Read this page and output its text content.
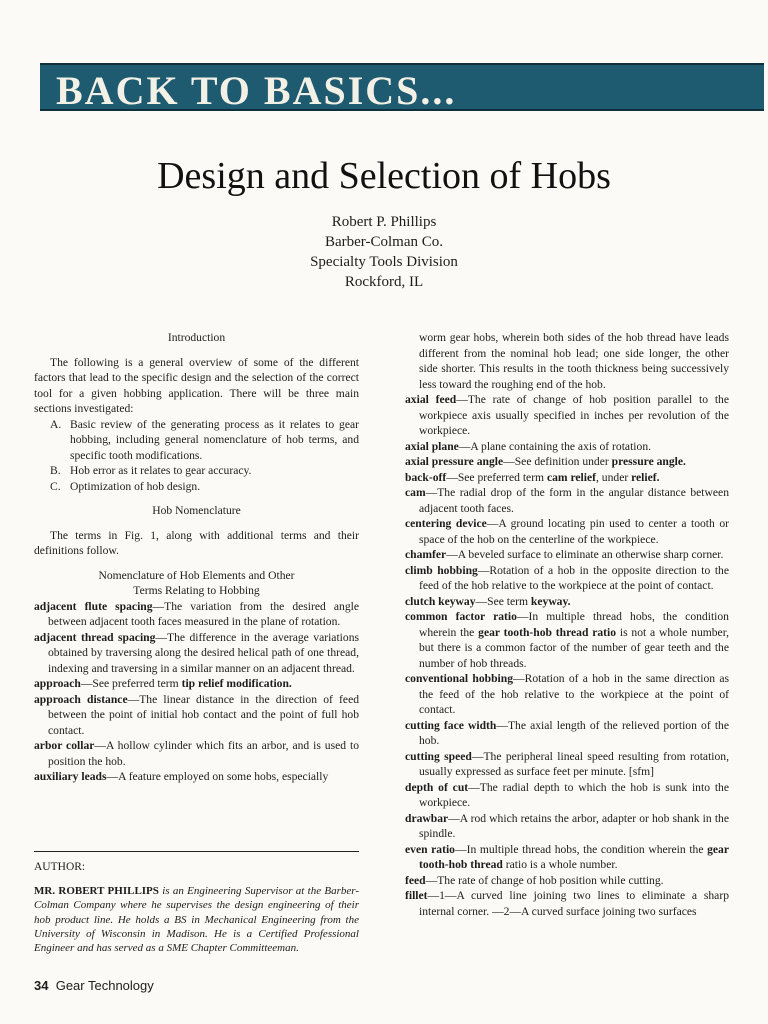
BACK TO BASICS...
Design and Selection of Hobs
Robert P. Phillips
Barber-Colman Co.
Specialty Tools Division
Rockford, IL

Introduction

The following is a general overview of some of the different factors that lead to the specific design and the selection of the correct tool for a given hobbing application. There will be three main sections investigated:

A. Basic review of the generating process as it relates to gear hobbing, including general nomenclature of hob terms, and specific tooth modifications.
B. Hob error as it relates to gear accuracy.
C. Optimization of hob design.

Hob Nomenclature

The terms in Fig. 1, along with additional terms and their definitions follow.

Nomenclature of Hob Elements and Other

Terms Relating to Hobbing

adjacent flute spacing—The variation from the desired angle between adjacent tooth faces measured in the plane of rotation.

adjacent thread spacing—The difference in the average variations obtained by traversing along the desired helical path of one thread, indexing and traversing in a similar manner on an adjacent thread.

approach—See preferred term tip relief modification.

approach distance—The linear distance in the direction of feed between the point of initial hob contact and the point of full hob contact.

arbor collar—A hollow cylinder which fits an arbor, and is used to position the hob.

auxiliary leads—A feature employed on some hobs, especially

worm gear hobs, wherein both sides of the hob thread have leads different from the nominal hob lead; one side longer, the other side shorter. This results in the tooth thickness being successively less toward the roughing end of the hob.

axial feed—The rate of change of hob position parallel to the workpiece axis usually specified in inches per revolution of the workpiece.

axial plane—A plane containing the axis of rotation.

axial pressure angle—See definition under pressure angle.

back-off—See preferred term cam relief, under relief.

cam—The radial drop of the form in the angular distance between adjacent tooth faces.

centering device—A ground locating pin used to center a tooth or space of the hob on the centerline of the workpiece.

chamfer—A beveled surface to eliminate an otherwise sharp corner.

climb hobbing—Rotation of a hob in the opposite direction to the feed of the hob relative to the workpiece at the point of contact.

clutch keyway—See term keyway.

common factor ratio—In multiple thread hobs, the condition wherein the gear tooth-hob thread ratio is not a whole number, but there is a common factor of the number of gear teeth and the number of hob threads.

conventional hobbing—Rotation of a hob in the same direction as the feed of the hob relative to the workpiece at the point of contact.

cutting face width—The axial length of the relieved portion of the hob.

cutting speed—The peripheral lineal speed resulting from rotation, usually expressed as surface feet per minute. [sfm]

depth of cut—The radial depth to which the hob is sunk into the workpiece.

drawbar—A rod which retains the arbor, adapter or hob shank in the spindle.

even ratio—In multiple thread hobs, the condition wherein the gear tooth-hob thread ratio is a whole number.

feed—The rate of change of hob position while cutting.

fillet—1—A curved line joining two lines to eliminate a sharp internal corner. —2—A curved surface joining two surfaces

AUTHOR:
MR. ROBERT PHILLIPS is an Engineering Supervisor at the Barber-Colman Company where he supervises the design engineering of their hob product line. He holds a BS in Mechanical Engineering from the University of Wisconsin in Madison. He is a Certified Professional Engineer and has served as a SME Chapter Committeeman.
34 Gear Technology
